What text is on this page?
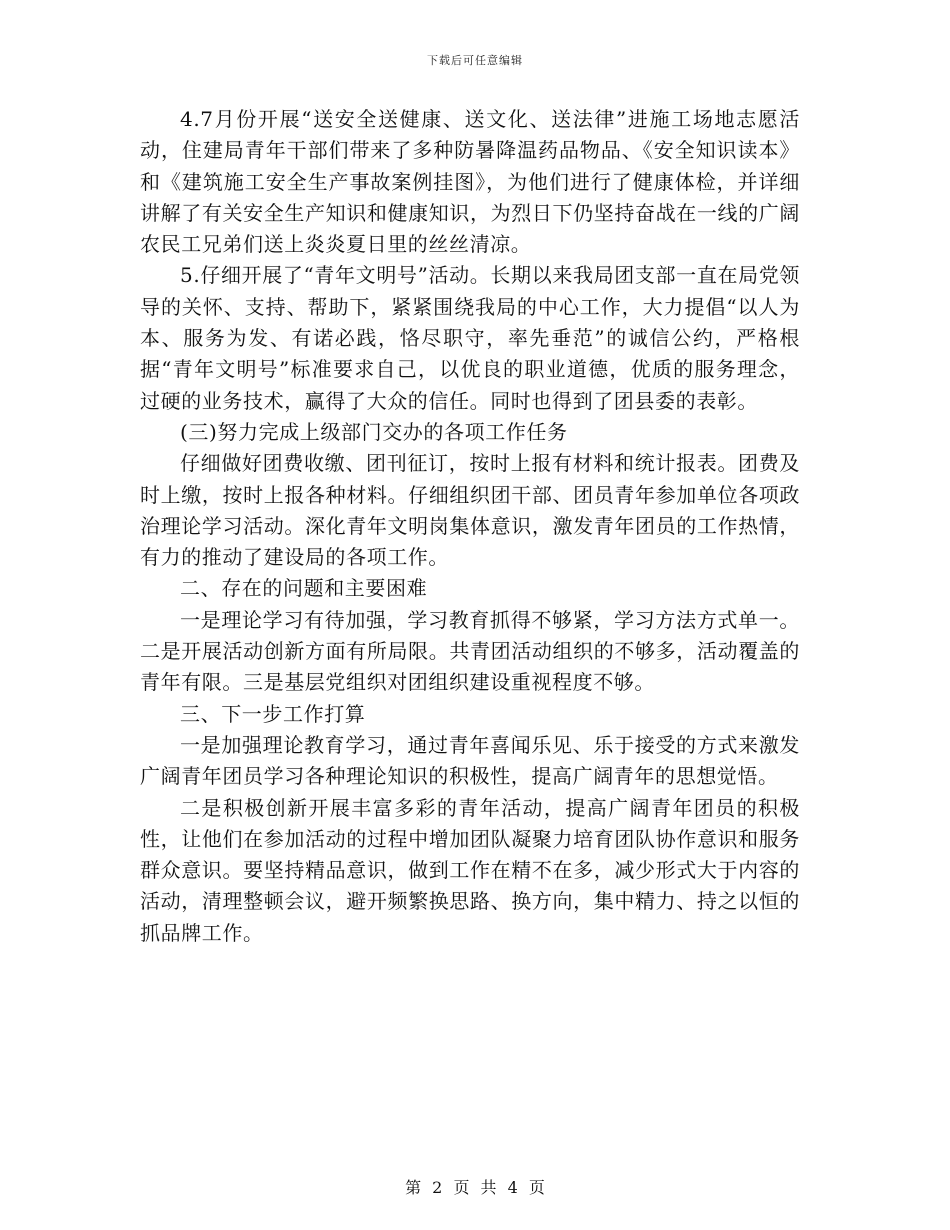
下载后可任意编辑

4.7月份开展“送安全送健康、送文化、送法律”进施工场地志愿活动，住建局青年干部们带来了多种防暑降温药品物品、《安全知识读本》和《建筑施工安全生产事故案例挂图》，为他们进行了健康体检，并详细讲解了有关安全生产知识和健康知识，为烈日下仍坚持奋战在一线的广阔农民工兄弟们送上炎炎夏日里的丝丝清凉。

5.仔细开展了“青年文明号”活动。长期以来我局团支部一直在局党领导的关怀、支持、帮助下，紧紧围绕我局的中心工作，大力提倡“以人为本、服务为发、有诺必践，恪尽职守，率先垂范”的诚信公约，严格根据“青年文明号”标准要求自己，以优良的职业道德，优质的服务理念，过硬的业务技术，赢得了大众的信任。同时也得到了团县委的表彰。

(三)努力完成上级部门交办的各项工作任务

仔细做好团费收缴、团刊征订，按时上报有材料和统计报表。团费及时上缴，按时上报各种材料。仔细组织团干部、团员青年参加单位各项政治理论学习活动。深化青年文明岗集体意识，激发青年团员的工作热情，有力的推动了建设局的各项工作。

二、存在的问题和主要困难

一是理论学习有待加强，学习教育抓得不够紧，学习方法方式单一。二是开展活动创新方面有所局限。共青团活动组织的不够多，活动覆盖的青年有限。三是基层党组织对团组织建设重视程度不够。

三、下一步工作打算

一是加强理论教育学习，通过青年喜闻乐见、乐于接受的方式来激发广阔青年团员学习各种理论知识的积极性，提高广阔青年的思想觉悟。

二是积极创新开展丰富多彩的青年活动，提高广阔青年团员的积极性，让他们在参加活动的过程中增加团队凝聚力培育团队协作意识和服务群众意识。要坚持精品意识，做到工作在精不在多，减少形式大于内容的活动，清理整顿会议，避开频繁换思路、换方向，集中精力、持之以恒的抓品牌工作。

第 2 页 共 4 页
